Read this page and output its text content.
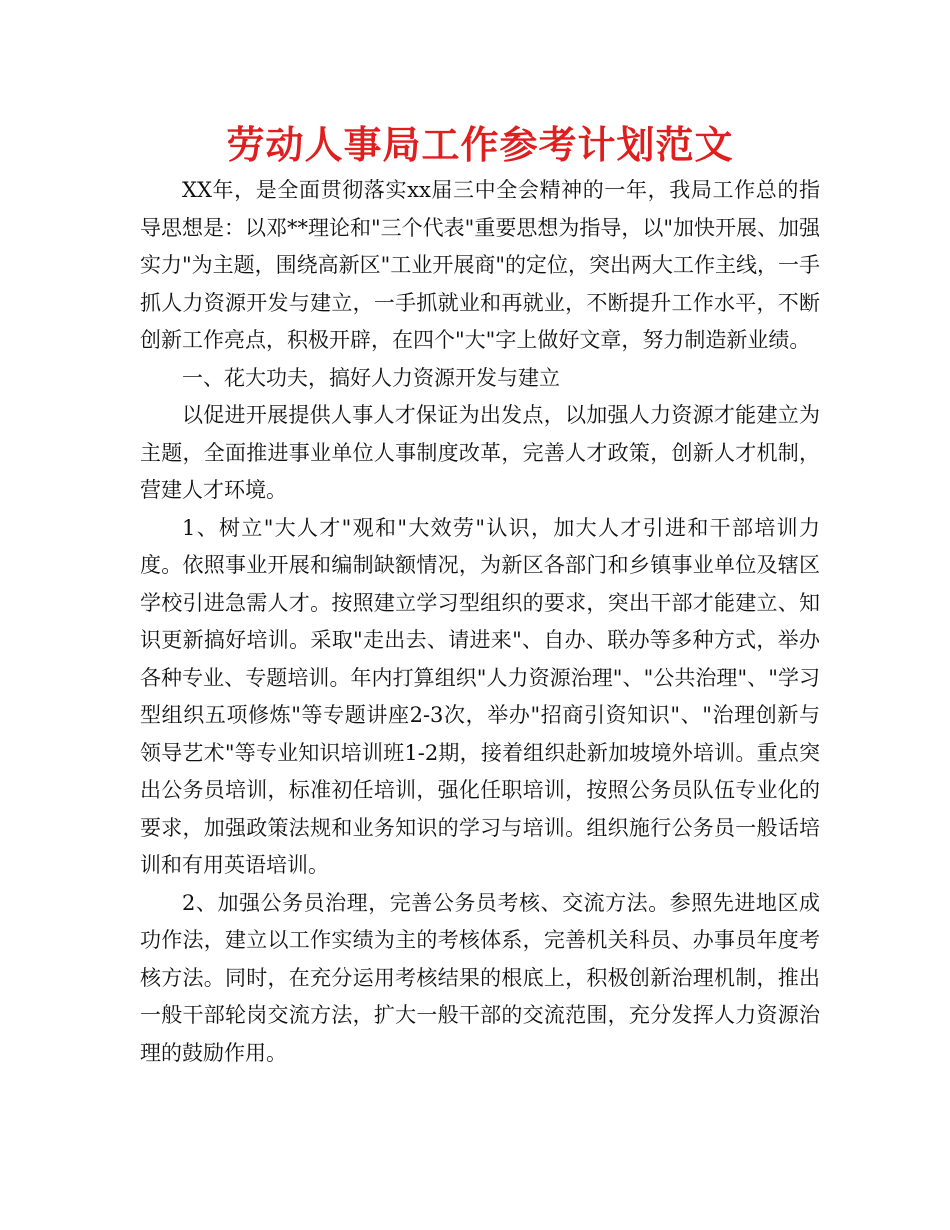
劳动人事局工作参考计划范文

XX年，是全面贯彻落实xx届三中全会精神的一年，我局工作总的指导思想是：以邓**理论和"三个代表"重要思想为指导，以"加快开展、加强实力"为主题，围绕高新区"工业开展商"的定位，突出两大工作主线，一手抓人力资源开发与建立，一手抓就业和再就业，不断提升工作水平，不断创新工作亮点，积极开辟，在四个"大"字上做好文章，努力制造新业绩。

一、花大功夫，搞好人力资源开发与建立

以促进开展提供人事人才保证为出发点，以加强人力资源才能建立为主题，全面推进事业单位人事制度改革，完善人才政策，创新人才机制，营建人才环境。

1、树立"大人才"观和"大效劳"认识，加大人才引进和干部培训力度。依照事业开展和编制缺额情况，为新区各部门和乡镇事业单位及辖区学校引进急需人才。按照建立学习型组织的要求，突出干部才能建立、知识更新搞好培训。采取"走出去、请进来"、自办、联办等多种方式，举办各种专业、专题培训。年内打算组织"人力资源治理"、"公共治理"、"学习型组织五项修炼"等专题讲座2-3次，举办"招商引资知识"、"治理创新与领导艺术"等专业知识培训班1-2期，接着组织赴新加坡境外培训。重点突出公务员培训，标准初任培训，强化任职培训，按照公务员队伍专业化的要求，加强政策法规和业务知识的学习与培训。组织施行公务员一般话培训和有用英语培训。

2、加强公务员治理，完善公务员考核、交流方法。参照先进地区成功作法，建立以工作实绩为主的考核体系，完善机关科员、办事员年度考核方法。同时，在充分运用考核结果的根底上，积极创新治理机制，推出一般干部轮岗交流方法，扩大一般干部的交流范围，充分发挥人力资源治理的鼓励作用。
